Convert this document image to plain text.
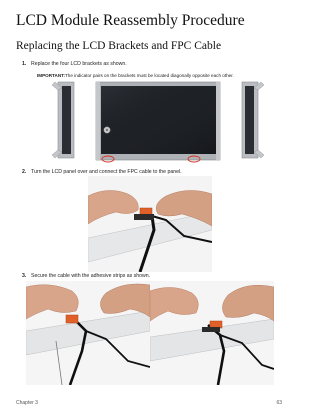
LCD Module Reassembly Procedure
Replacing the LCD Brackets and FPC Cable
1. Replace the four LCD brackets as shown.
IMPORTANT:The indicator pairs on the brackets must be located diagonally opposite each other.
2. Turn the LCD panel over and connect the FPC cable to the panel.
3. Secure the cable with the adhesive strips as shown.
Chapter 3	63
